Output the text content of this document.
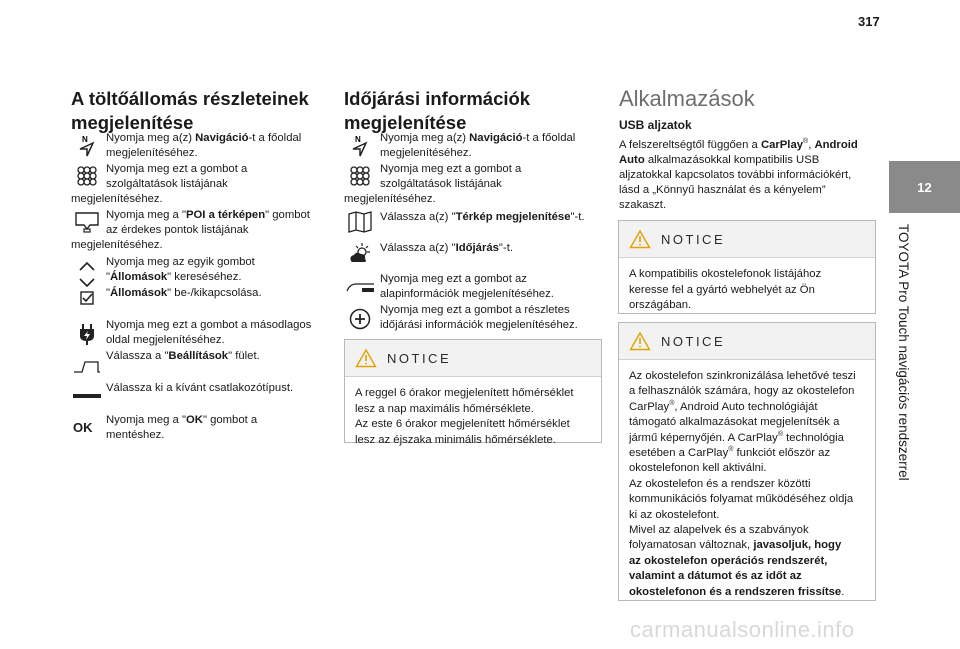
317
12
TOYOTA Pro Touch navigációs rendszerrel
A töltőállomás részleteinek
megjelenítése
N Nyomja meg a(z) Navigáció-t a főoldal
megjelenítéséhez.
Nyomja meg ezt a gombot a
szolgáltatások listájának
megjelenítéséhez.
Nyomja meg a "POI a térképen" gombot
az érdekes pontok listájának
megjelenítéséhez.
Nyomja meg az egyik gombot
"Állomások" kereséséhez.
"Állomások" be-/kikapcsolása.
Nyomja meg ezt a gombot a másodlagos
oldal megjelenítéséhez.
Válassza a "Beállítások" fület.
Válassza ki a kívánt csatlakozótípust.
OK Nyomja meg a "OK" gombot a
mentéshez.
Időjárási információk
megjelenítése
N Nyomja meg a(z) Navigáció-t a főoldal
megjelenítéséhez.
Nyomja meg ezt a gombot a
szolgáltatások listájának
megjelenítéséhez.
Válassza a(z) "Térkép megjelenítése"-t.
Válassza a(z) "Időjárás"-t.
Nyomja meg ezt a gombot az
alapinformációk megjelenítéséhez.
Nyomja meg ezt a gombot a részletes
időjárási információk megjelenítéséhez.
NOTICE
A reggel 6 órakor megjelenített hőmérséklet
lesz a nap maximális hőmérséklete.
Az este 6 órakor megjelenített hőmérséklet
lesz az éjszaka minimális hőmérséklete.
Alkalmazások
USB aljzatok
A felszereltségtől függően a CarPlay®, Android
Auto alkalmazásokkal kompatibilis USB
aljzatokkal kapcsolatos további információkért,
lásd a „Könnyű használat és a kényelem”
szakaszt.
NOTICE
A kompatibilis okostelefonok listájához
keresse fel a gyártó webhelyét az Ön
országában.
NOTICE
Az okostelefon szinkronizálása lehetővé teszi
a felhasználók számára, hogy az okostelefon
CarPlay®, Android Auto technológiáját
támogató alkalmazásokat megjelenítsék a
jármű képernyőjén. A CarPlay® technológia
esetében a CarPlay® funkciót először az
okostelefonon kell aktiválni.
Az okostelefon és a rendszer közötti
kommunikációs folyamat működéséhez oldja
ki az okostelefont.
Mivel az alapelvek és a szabványok
folyamatosan változnak, javasoljuk, hogy
az okostelefon operációs rendszerét,
valamint a dátumot és az időt az
okostelefonon és a rendszeren frissítse.
carmanualsonline.info
